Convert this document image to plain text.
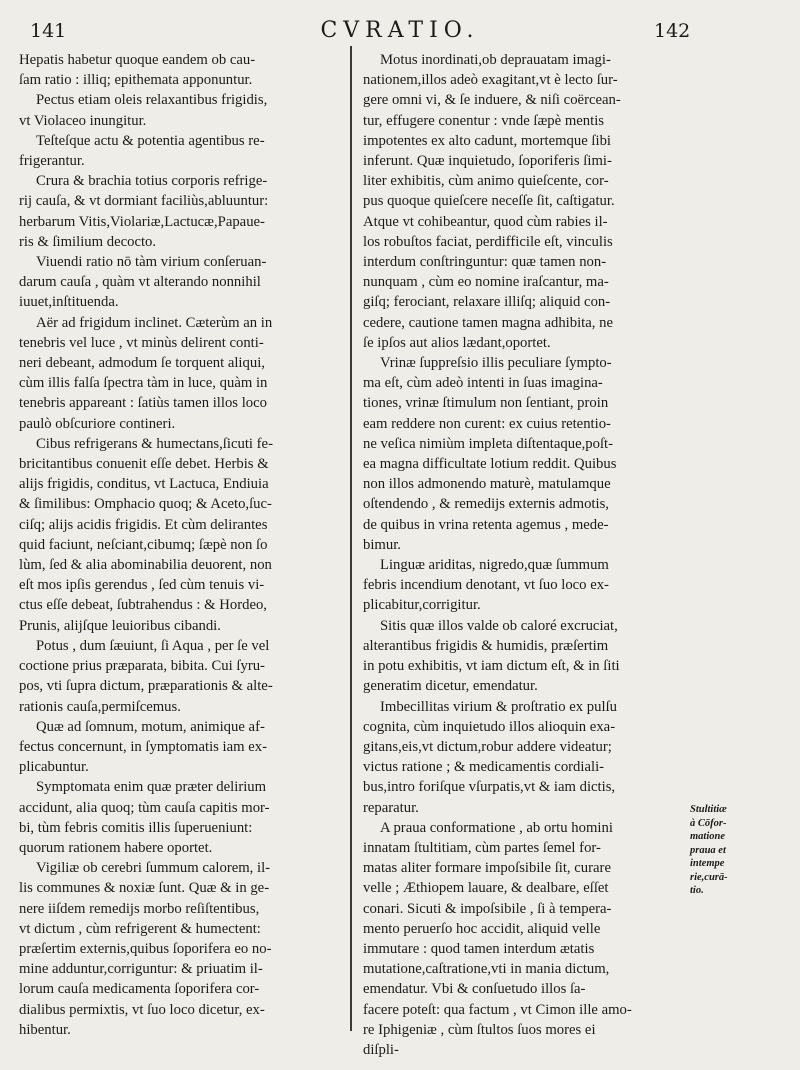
141	CVRATIO.	142
Hepatis habetur quoque eandem ob cau-
ſam ratio : illiq; epithemata apponuntur.
Pectus etiam oleis relaxantibus frigidis,
vt Violaceo inungitur.
Teſteſque actu & potentia agentibus re-
frigerantur.
Crura & brachia totius corporis refrige-
rij cauſa, & vt dormiant faciliùs,abluuntur:
herbarum Vitis,Violariæ,Lactucæ,Papaue-
ris & ſimilium decocto.
Viuendi ratio nō tàm virium conſeruan-
darum cauſa , quàm vt alterando nonnihil
iuuet,inſtituenda.
Aër ad frigidum inclinet. Cæterùm an in
tenebris vel luce , vt minùs delirent conti-
neri debeant, admodum ſe torquent aliqui,
cùm illis falſa ſpectra tàm in luce, quàm in
tenebris appareant : ſatiùs tamen illos loco
paulò obſcuriore contineri.
Cibus refrigerans & humectans,ſicuti fe-
bricitantibus conuenit eſſe debet. Herbis &
alijs frigidis, conditus, vt Lactuca, Endiuia
& ſimilibus: Omphacio quoq; & Aceto,ſuc-
ciſq; alijs acidis frigidis. Et cùm delirantes
quid faciunt, neſciant,cibumq; ſæpè non ſo
lùm, ſed & alia abominabilia deuorent, non
eſt mos ipſis gerendus , ſed cùm tenuis vi-
ctus eſſe debeat, ſubtrahendus : & Hordeo,
Prunis, alijſque leuioribus cibandi.
Potus , dum ſæuiunt, ſi Aqua , per ſe vel
coctione prius præparata, bibita. Cui ſyru-
pos, vti ſupra dictum, præparationis & alte-
rationis cauſa,permiſcemus.
Quæ ad ſomnum, motum, animique af-
fectus concernunt, in ſymptomatis iam ex-
plicabuntur.
Symptomata enim quæ præter delirium
accidunt, alia quoq; tùm cauſa capitis mor-
bi, tùm febris comitis illis ſuperueniunt:
quorum rationem habere oportet.
Vigiliæ ob cerebri ſummum calorem, il-
lis communes & noxiæ ſunt. Quæ & in ge-
nere iiſdem remedijs morbo reſiſtentibus,
vt dictum , cùm refrigerent & humectent:
præſertim externis,quibus ſoporifera eo no-
mine adduntur,corriguntur: & priuatim il-
lorum cauſa medicamenta ſoporifera cor-
dialibus permixtis, vt ſuo loco dicetur, ex-
hibentur.
Motus inordinati,ob deprauatam imagi-
nationem,illos adeò exagitant,vt è lecto ſur-
gere omni vi, & ſe induere, & niſi coërcean-
tur, effugere conentur : vnde ſæpè mentis
impotentes ex alto cadunt, mortemque ſibi
inferunt. Quæ inquietudo, ſoporiferis ſimi-
liter exhibitis, cùm animo quieſcente, cor-
pus quoque quieſcere neceſſe ſit, caſtigatur.
Atque vt cohibeantur, quod cùm rabies il-
los robuſtos faciat, perdifficile eſt, vinculis
interdum conſtringuntur: quæ tamen non-
nunquam , cùm eo nomine iraſcantur, ma-
giſq; ferociant, relaxare illiſq; aliquid con-
cedere, cautione tamen magna adhibita, ne
ſe ipſos aut alios lædant,oportet.
Vrinæ ſuppreſsio illis peculiare ſympto-
ma eſt, cùm adeò intenti in ſuas imagina-
tiones, vrinæ ſtimulum non ſentiant, proin
eam reddere non curent: ex cuius retentio-
ne veſica nimiùm impleta diſtentaque,poſt-
ea magna difficultate lotium reddit. Quibus
non illos admonendo maturè, matulamque
oſtendendo , & remedijs externis admotis,
de quibus in vrina retenta agemus , mede-
bimur.
Linguæ ariditas, nigredo,quæ ſummum
febris incendium denotant, vt ſuo loco ex-
plicabitur,corrigitur.
Sitis quæ illos valde ob caloré excruciat,
alterantibus frigidis & humidis, præſertim
in potu exhibitis, vt iam dictum eſt, & in ſiti
generatim dicetur, emendatur.
Imbecillitas virium & proſtratio ex pulſu
cognita, cùm inquietudo illos alioquin exa-
gitans,eis,vt dictum,robur addere videatur;
victus ratione ; & medicamentis cordiali-
bus,intro foriſque vſurpatis,vt & iam dictis,
reparatur.
A praua conformatione , ab ortu homini
innatam ſtultitiam, cùm partes ſemel for-
matas aliter formare impoſsibile ſit, curare
velle ; Æthiopem lauare, & dealbare, eſſet
conari. Sicuti & impoſsibile , ſi à tempera-
mento peruerſo hoc accidit, aliquid velle
immutare : quod tamen interdum ætatis
mutatione,caſtratione,vti in mania dictum,
emendatur. Vbi & conſuetudo illos ſa-
facere poteſt: qua factum , vt Cimon ille amo-
re Iphigeniæ , cùm ſtultos ſuos mores ei
diſpli-
Stultitiæ
à Cōfor-
matione
praua et
intempe
rie,curā-
tio.
